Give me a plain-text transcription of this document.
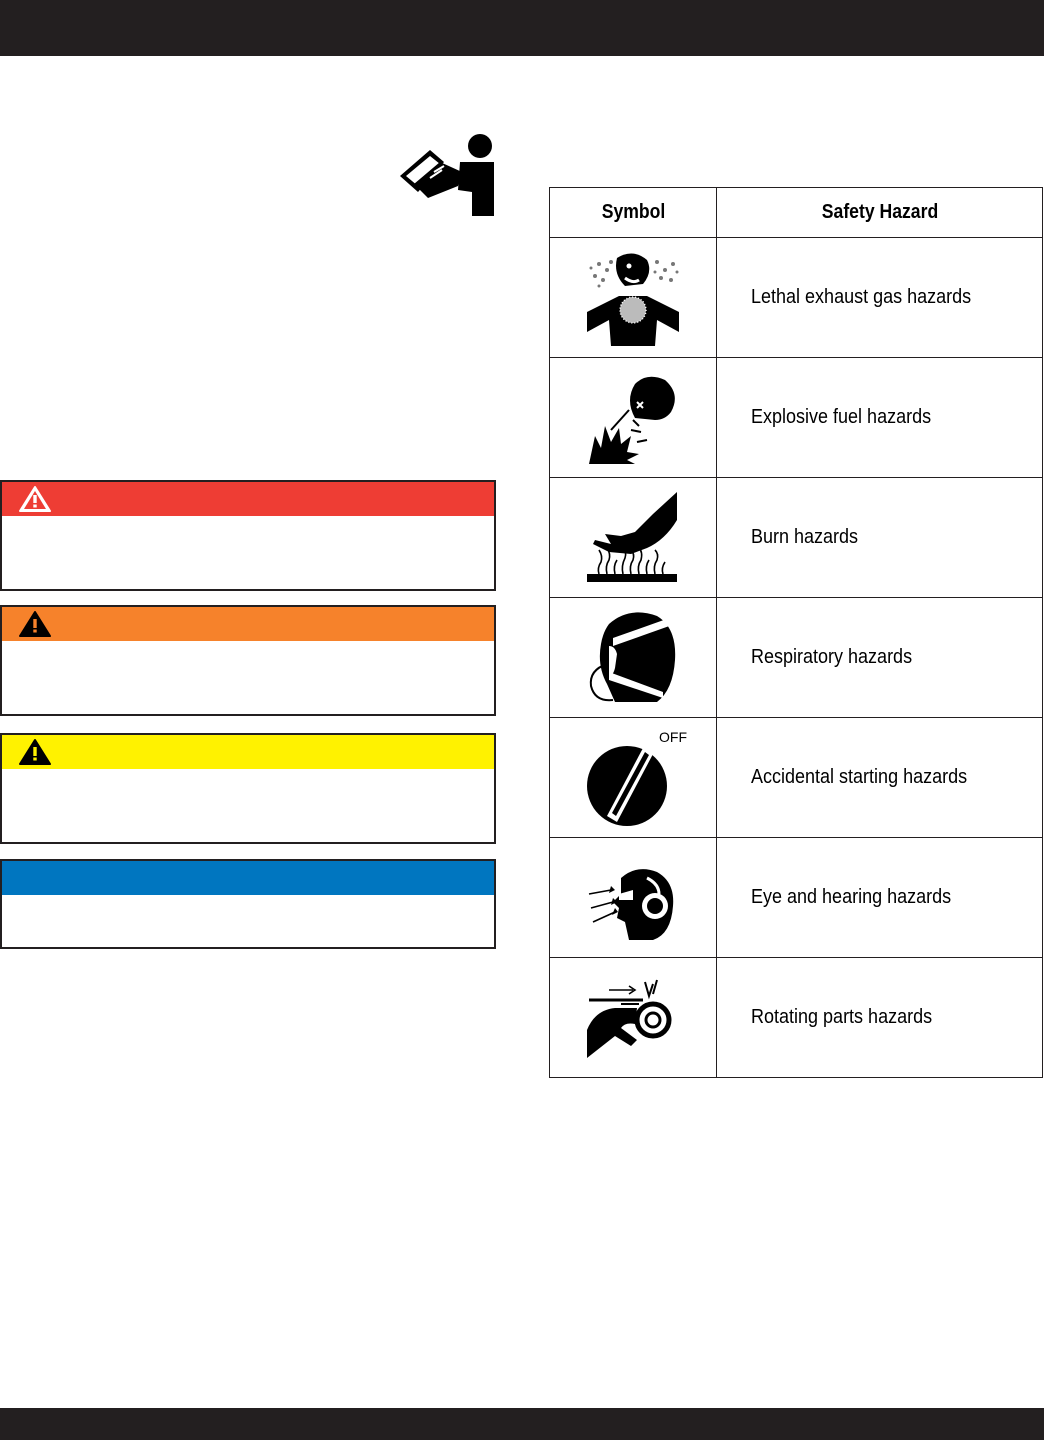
Symbol	Safety Hazard

	Lethal exhaust gas hazards

	Explosive fuel hazards

	Burn hazards

	Respiratory hazards

OFF	Accidental starting hazards

	Eye and hearing hazards

	Rotating parts hazards
